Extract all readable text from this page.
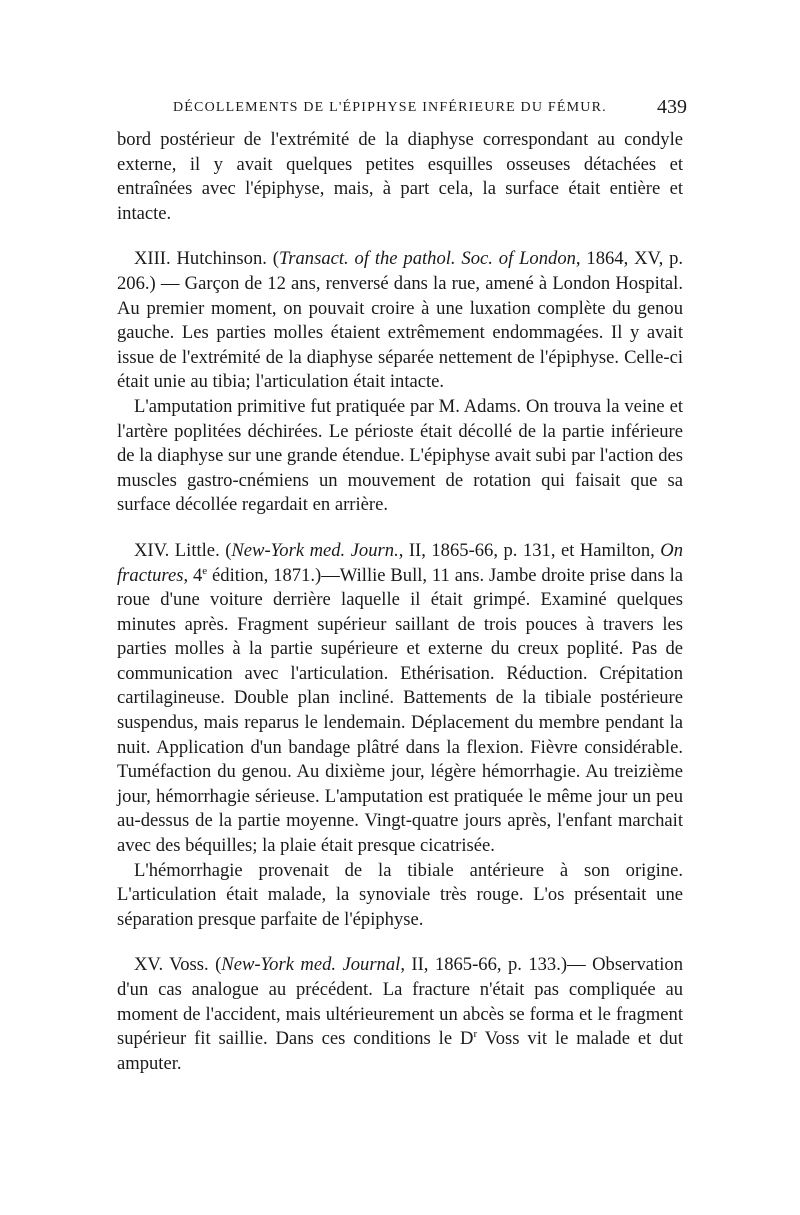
DÉCOLLEMENTS DE L'ÉPIPHYSE INFÉRIEURE DU FÉMUR.	439

bord postérieur de l'extrémité de la diaphyse correspondant au condyle externe, il y avait quelques petites esquilles osseuses détachées et entraînées avec l'épiphyse, mais, à part cela, la surface était entière et intacte.

XIII. Hutchinson. (Transact. of the pathol. Soc. of London, 1864, XV, p. 206.) — Garçon de 12 ans, renversé dans la rue, amené à London Hospital. Au premier moment, on pouvait croire à une luxation complète du genou gauche. Les parties molles étaient extrêmement endommagées. Il y avait issue de l'extrémité de la diaphyse séparée nettement de l'épiphyse. Celle-ci était unie au tibia; l'articulation était intacte.

L'amputation primitive fut pratiquée par M. Adams. On trouva la veine et l'artère poplitées déchirées. Le périoste était décollé de la partie inférieure de la diaphyse sur une grande étendue. L'épiphyse avait subi par l'action des muscles gastro-cnémiens un mouvement de rotation qui faisait que sa surface décollée regardait en arrière.

XIV. Little. (New-York med. Journ., II, 1865-66, p. 131, et Hamilton, On fractures, 4e édition, 1871.)—Willie Bull, 11 ans. Jambe droite prise dans la roue d'une voiture derrière laquelle il était grimpé. Examiné quelques minutes après. Fragment supérieur saillant de trois pouces à travers les parties molles à la partie supérieure et externe du creux poplité. Pas de communication avec l'articulation. Ethérisation. Réduction. Crépitation cartilagineuse. Double plan incliné. Battements de la tibiale postérieure suspendus, mais reparus le lendemain. Déplacement du membre pendant la nuit. Application d'un bandage plâtré dans la flexion. Fièvre considérable. Tuméfaction du genou. Au dixième jour, légère hémorrhagie. Au treizième jour, hémorrhagie sérieuse. L'amputation est pratiquée le même jour un peu au-dessus de la partie moyenne. Vingt-quatre jours après, l'enfant marchait avec des béquilles; la plaie était presque cicatrisée.

L'hémorrhagie provenait de la tibiale antérieure à son origine. L'articulation était malade, la synoviale très rouge. L'os présentait une séparation presque parfaite de l'épiphyse.

XV. Voss. (New-York med. Journal, II, 1865-66, p. 133.)— Observation d'un cas analogue au précédent. La fracture n'était pas compliquée au moment de l'accident, mais ultérieurement un abcès se forma et le fragment supérieur fit saillie. Dans ces conditions le $D^r$ Voss vit le malade et dut amputer.
